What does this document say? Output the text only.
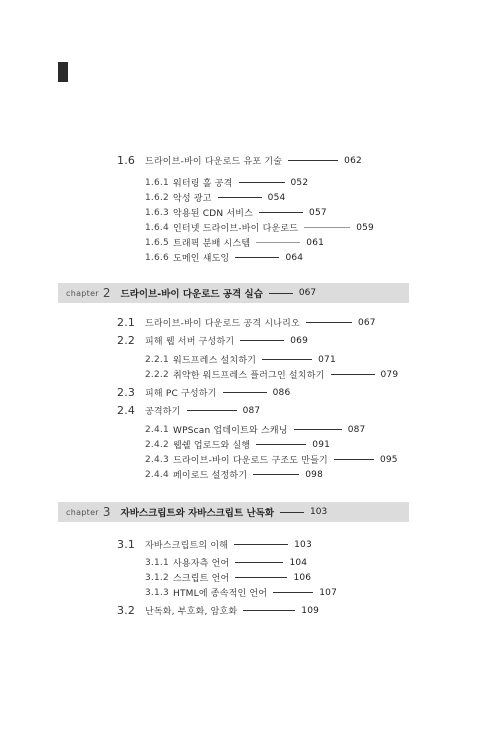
1.6	드라이브-바이 다운로드 유포 기술	062
1.6.1 워터링 홀 공격	052
1.6.2 악성 광고	054
1.6.3 악용된 CDN 서비스	057
1.6.4 인터넷 드라이브-바이 다운로드	059
1.6.5 트래픽 분배 시스템	061
1.6.6 도메인 섀도잉	064
chapter 2 드라이브-바이 다운로드 공격 실습	067
2.1	드라이브-바이 다운로드 공격 시나리오	067
2.2	피해 웹 서버 구성하기	069
2.2.1 워드프레스 설치하기	071
2.2.2 취약한 워드프레스 플러그인 설치하기	079
2.3	피해 PC 구성하기	086
2.4	공격하기	087
2.4.1 WPScan 업데이트와 스캐닝	087
2.4.2 웹쉘 업로드와 실행	091
2.4.3 드라이브-바이 다운로드 구조도 만들기	095
2.4.4 페이로드 설정하기	098
chapter 3 자바스크립트와 자바스크립트 난독화	103
3.1	자바스크립트의 이해	103
3.1.1 사용자측 언어	104
3.1.2 스크립트 언어	106
3.1.3 HTML에 종속적인 언어	107
3.2	난독화, 부호화, 암호화	109
